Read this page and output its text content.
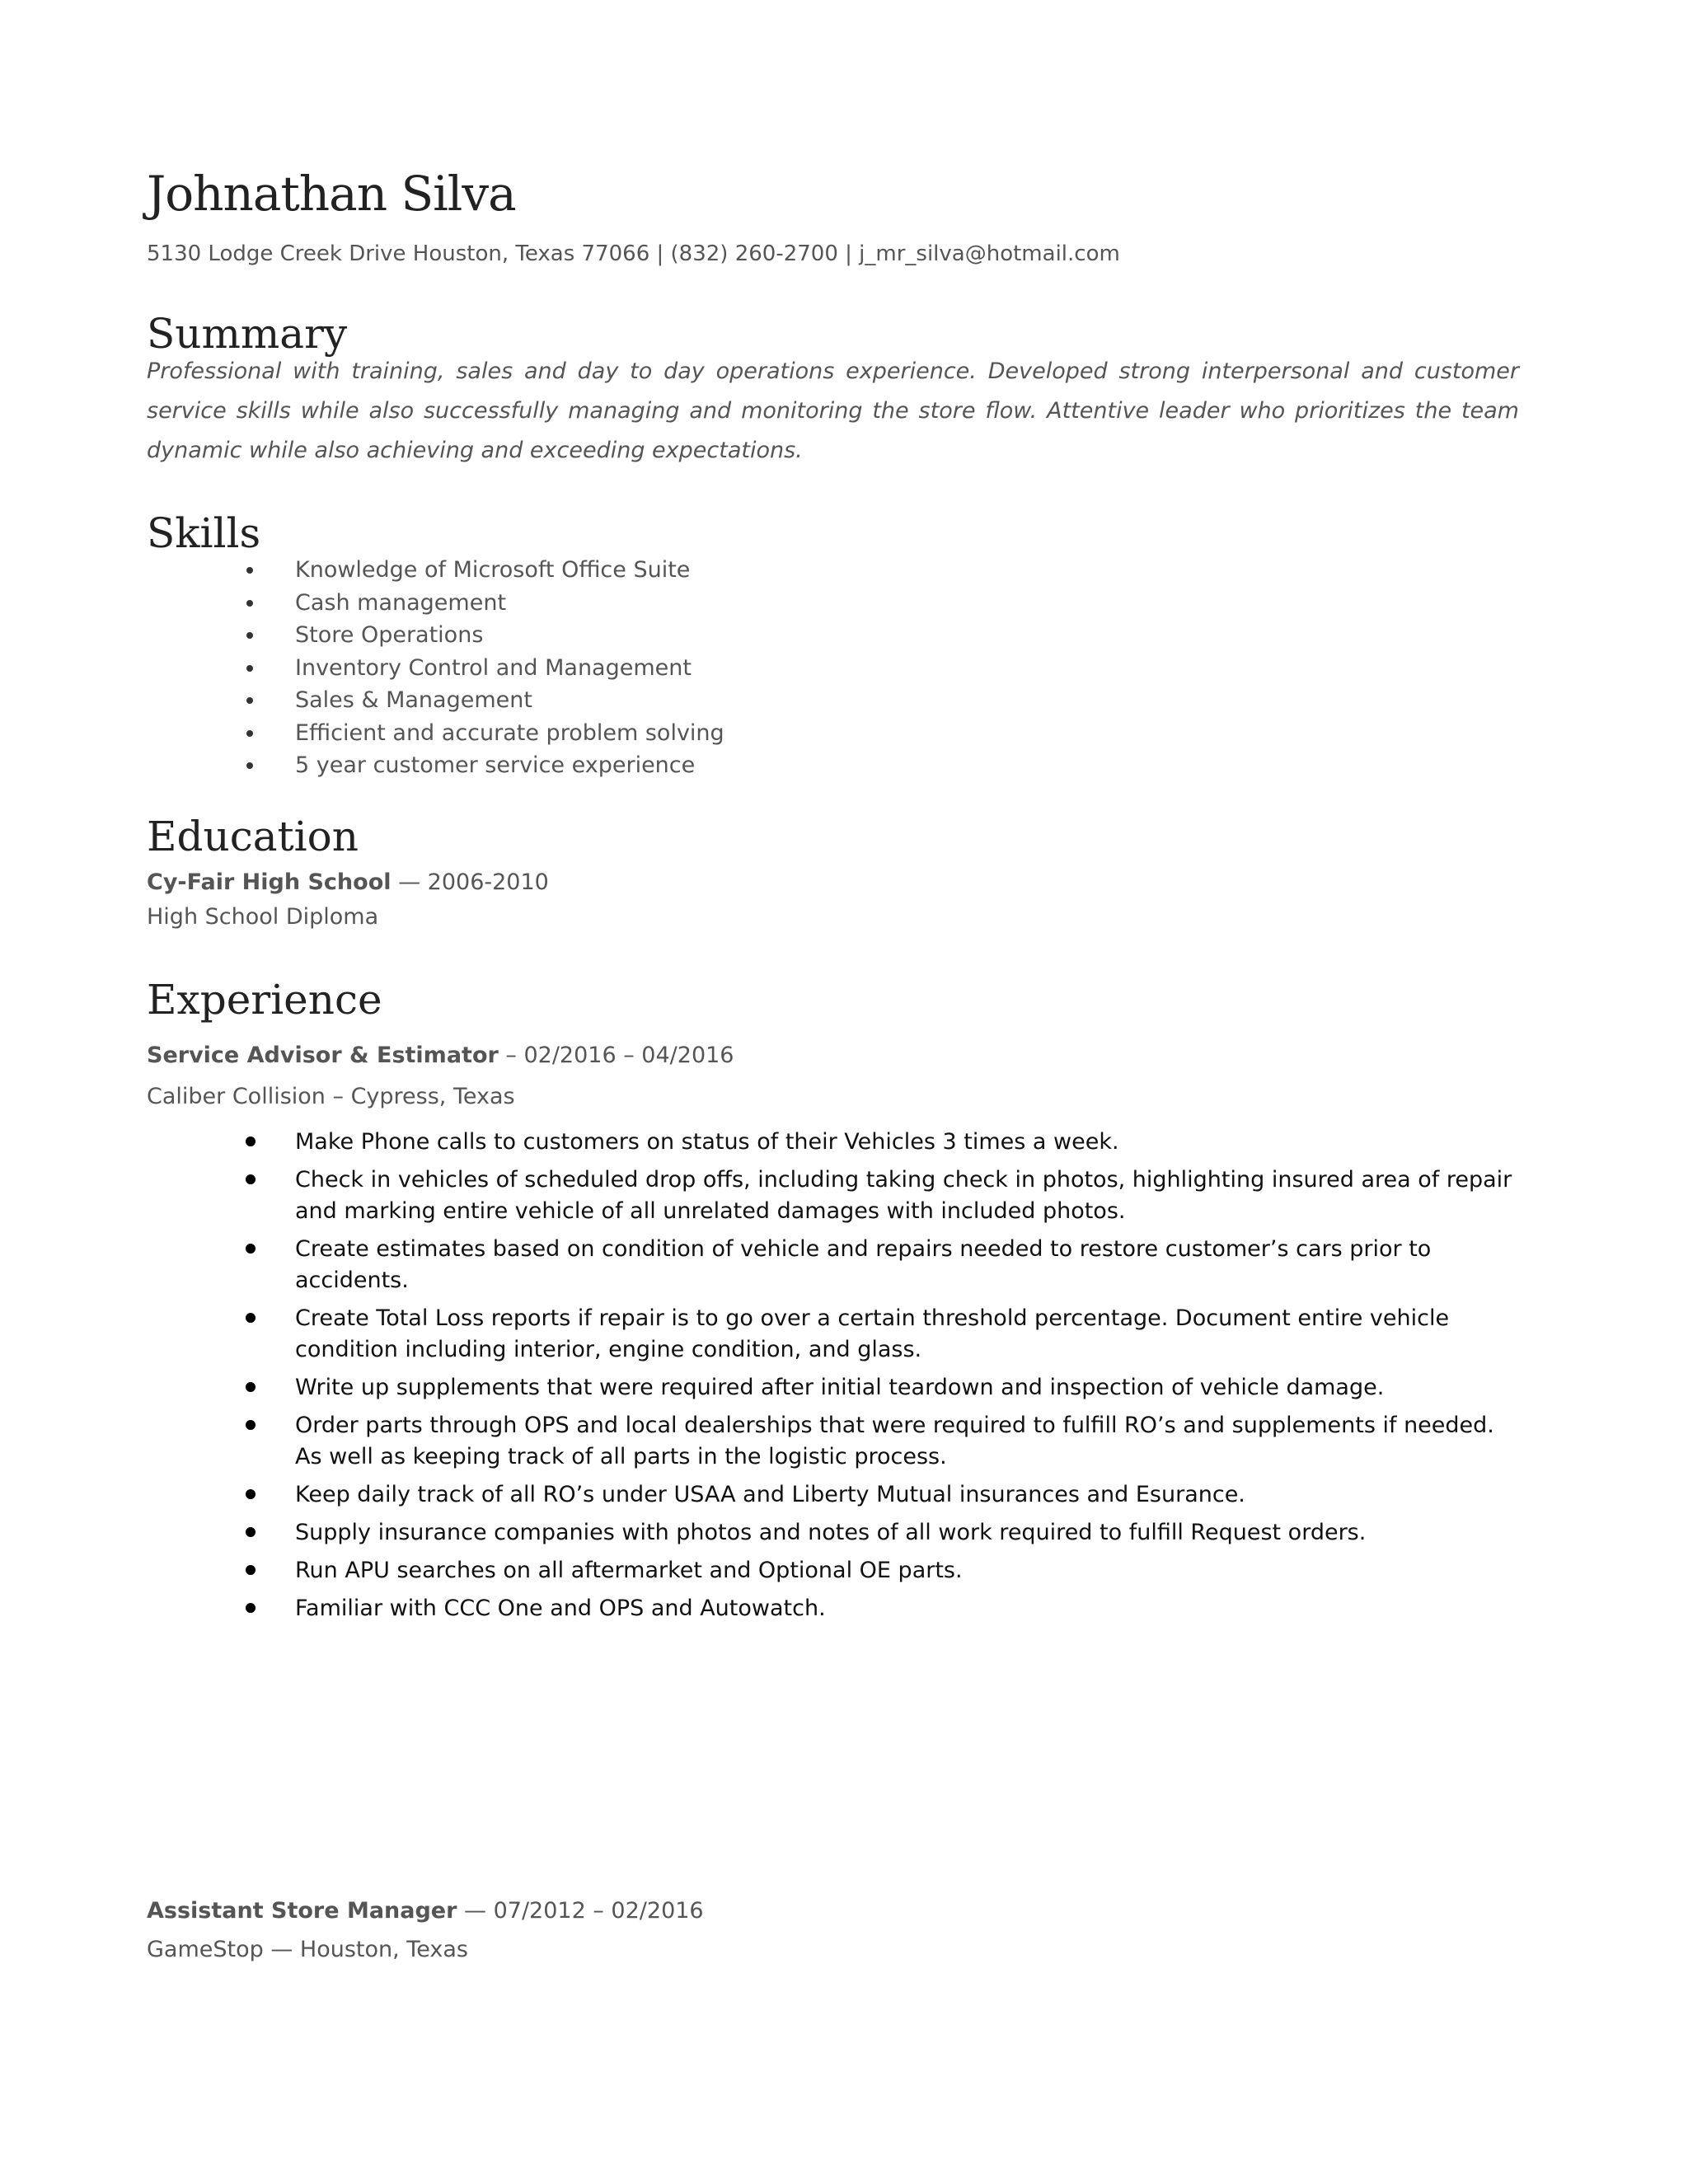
Johnathan Silva
5130 Lodge Creek Drive Houston, Texas 77066 | (832) 260-2700 | j_mr_silva@hotmail.com
Summary

Professional with training, sales and day to day operations experience. Developed strong interpersonal and customer service skills while also successfully managing and monitoring the store flow. Attentive leader who prioritizes the team dynamic while also achieving and exceeding expectations.

Skills
Knowledge of Microsoft Office Suite
Cash management
Store Operations
Inventory Control and Management
Sales & Management
Efficient and accurate problem solving
5 year customer service experience
Education
Cy-Fair High School — 2006-2010
High School Diploma
Experience
Service Advisor & Estimator – 02/2016 – 04/2016
Caliber Collision – Cypress, Texas
Make Phone calls to customers on status of their Vehicles 3 times a week.
Check in vehicles of scheduled drop offs, including taking check in photos, highlighting insured area of repair and marking entire vehicle of all unrelated damages with included photos.
Create estimates based on condition of vehicle and repairs needed to restore customer’s cars prior to accidents.
Create Total Loss reports if repair is to go over a certain threshold percentage. Document entire vehicle condition including interior, engine condition, and glass.
Write up supplements that were required after initial teardown and inspection of vehicle damage.
Order parts through OPS and local dealerships that were required to fulfill RO’s and supplements if needed. As well as keeping track of all parts in the logistic process.
Keep daily track of all RO’s under USAA and Liberty Mutual insurances and Esurance.
Supply insurance companies with photos and notes of all work required to fulfill Request orders.
Run APU searches on all aftermarket and Optional OE parts.
Familiar with CCC One and OPS and Autowatch.
Assistant Store Manager — 07/2012 – 02/2016
GameStop — Houston, Texas
